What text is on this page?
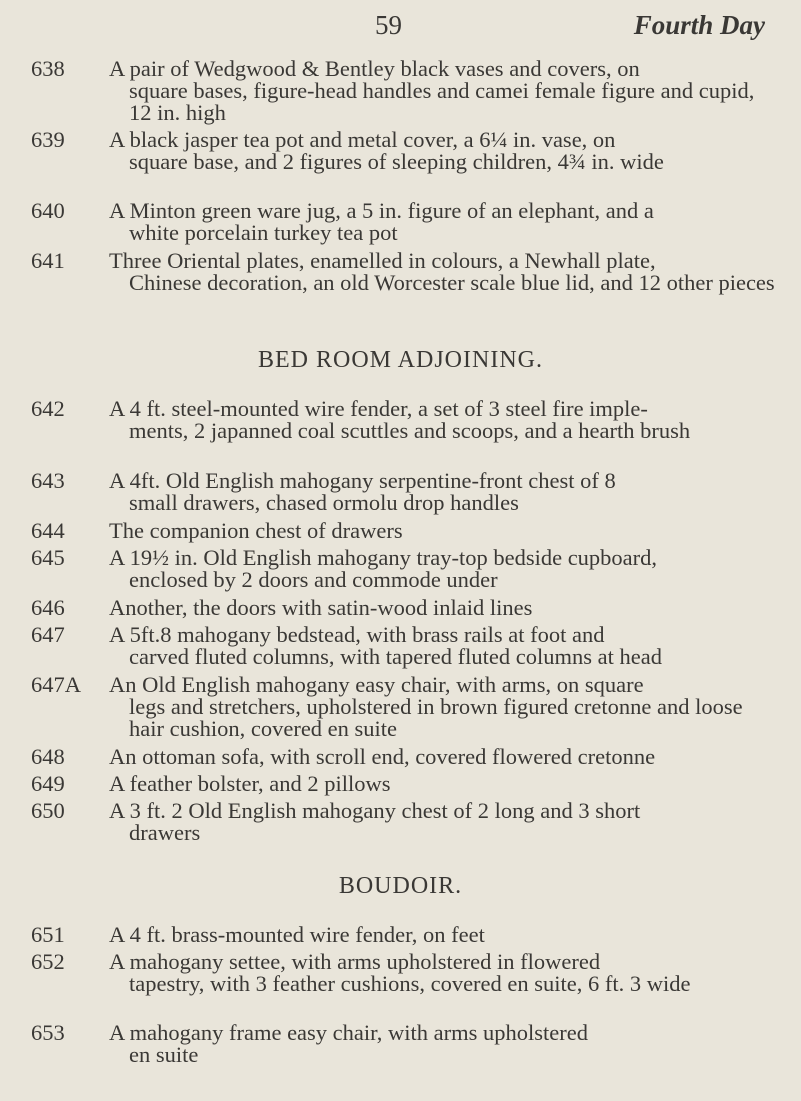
59	Fourth Day
638	A pair of Wedgwood & Bentley black vases and covers, on
square bases, figure-head handles and camei female figure and cupid, 12 in. high
639	A black jasper tea pot and metal cover, a 6¼ in. vase, on
square base, and 2 figures of sleeping children, 4¾ in. wide
640	A Minton green ware jug, a 5 in. figure of an elephant, and a
white porcelain turkey tea pot
641	Three Oriental plates, enamelled in colours, a Newhall plate,
Chinese decoration, an old Worcester scale blue lid, and 12 other pieces
BED ROOM ADJOINING.
642	A 4 ft. steel-mounted wire fender, a set of 3 steel fire imple-
ments, 2 japanned coal scuttles and scoops, and a hearth brush
643	A 4ft. Old English mahogany serpentine-front chest of 8
small drawers, chased ormolu drop handles
644	The companion chest of drawers
645	A 19½ in. Old English mahogany tray-top bedside cupboard,
enclosed by 2 doors and commode under
646	Another, the doors with satin-wood inlaid lines
647	A 5ft.8 mahogany bedstead, with brass rails at foot and
carved fluted columns, with tapered fluted columns at head
647A	An Old English mahogany easy chair, with arms, on square
legs and stretchers, upholstered in brown figured cretonne and loose hair cushion, covered en suite
648	An ottoman sofa, with scroll end, covered flowered cretonne
649	A feather bolster, and 2 pillows
650	A 3 ft. 2 Old English mahogany chest of 2 long and 3 short
drawers
BOUDOIR.
651	A 4 ft. brass-mounted wire fender, on feet
652	A mahogany settee, with arms upholstered in flowered
tapestry, with 3 feather cushions, covered en suite, 6 ft. 3 wide
653	A mahogany frame easy chair, with arms upholstered
en suite
